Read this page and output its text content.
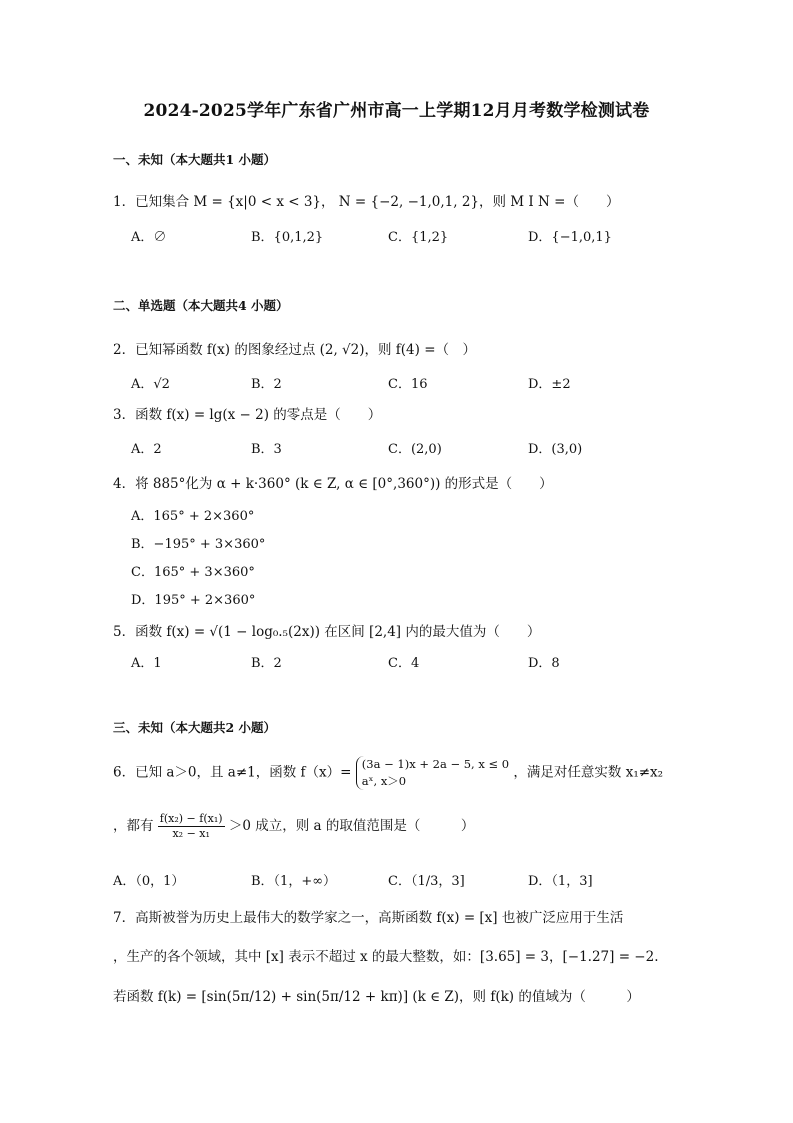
2024-2025学年广东省广州市高一上学期12月月考数学检测试卷
一、未知（本大题共1 小题）
1．已知集合 M = {x|0 < x < 3}， N = {−2, −1,0,1, 2}，则 M I N =（　　）
A．∅	B．{0,1,2}	C．{1,2}	D．{−1,0,1}
二、单选题（本大题共4 小题）
2．已知幂函数 f(x) 的图象经过点 (2, √2)，则 f(4) =（　）
A．√2	B．2	C．16	D．±2
3．函数 f(x) = lg(x − 2) 的零点是（　　）
A．2	B．3	C．(2,0)	D．(3,0)
4．将 885°化为 α + k·360° (k ∈ Z, α ∈ [0°,360°)) 的形式是（　　）
A．165° + 2×360°
B．−195° + 3×360°
C．165° + 3×360°
D．195° + 2×360°
5．函数 f(x) = √(1 − log₀.₅(2x)) 在区间 [2,4] 内的最大值为（　　）
A．1	B．2	C．4	D．8
三、未知（本大题共2 小题）
6．已知 a＞0，且 a≠1，函数 f（x）=
(3a − 1)x + 2a − 5, x ≤ 0
aˣ, x＞0
，满足对任意实数 x₁≠x₂
，都有 $\frac{\text{f(x₂) − f(x₁)}}{\text{x₂ − x₁}} >0$ 成立，则 a 的取值范围是（　　　）
A．（0，1）	B．（1，+∞）	C．（1/3，3]	D．（1，3]
7．高斯被誉为历史上最伟大的数学家之一，高斯函数 f(x) = [x] 也被广泛应用于生活
，生产的各个领域，其中 [x] 表示不超过 x 的最大整数，如：[3.65] = 3，[−1.27] = −2.
若函数 f(k) = [sin(5π/12) + sin(5π/12 + kπ)] (k ∈ Z)，则 f(k) 的值域为（　　　）
